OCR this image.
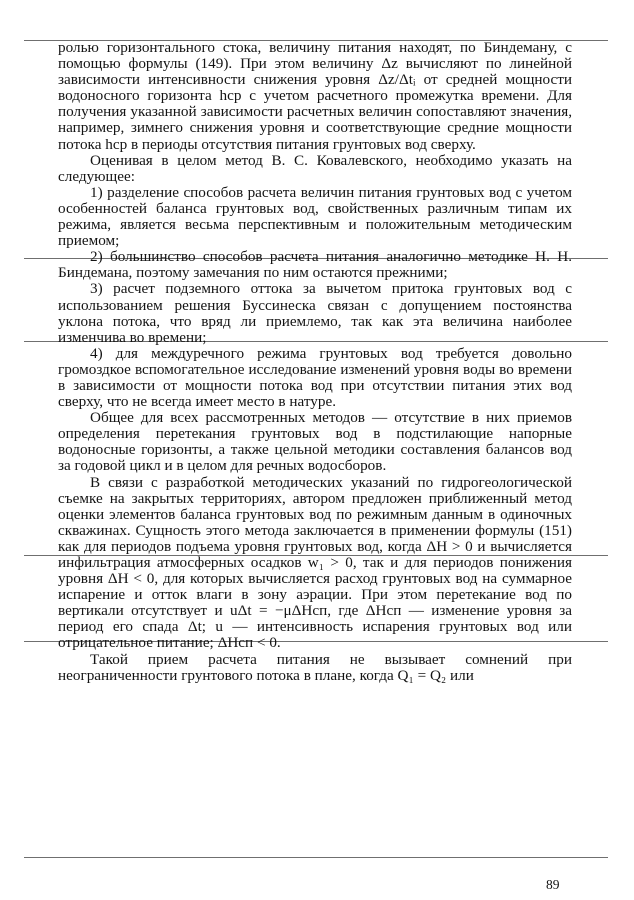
ролью горизонтального стока, величину питания находят, по Биндеману, с помощью формулы (149). При этом величину Δz вычисляют по линейной зависимости интенсивности снижения уровня Δz/Δtᵢ от средней мощности водоносного горизонта hср с учетом расчетного промежутка времени. Для получения указанной зависимости расчетных величин сопоставляют значения, например, зимнего снижения уровня и соответствующие средние мощности потока hср в периоды отсутствия питания грунтовых вод сверху.

Оценивая в целом метод В. С. Ковалевского, необходимо указать на следующее:

1) разделение способов расчета величин питания грунтовых вод с учетом особенностей баланса грунтовых вод, свойственных различным типам их режима, является весьма перспективным и положительным методическим приемом;

2) большинство способов расчета питания аналогично методике Н. Н. Биндемана, поэтому замечания по ним остаются прежними;

3) расчет подземного оттока за вычетом притока грунтовых вод с использованием решения Буссинеска связан с допущением постоянства уклона потока, что вряд ли приемлемо, так как эта величина наиболее изменчива во времени;

4) для междуречного режима грунтовых вод требуется довольно громоздкое вспомогательное исследование изменений уровня воды во времени в зависимости от мощности потока вод при отсутствии питания этих вод сверху, что не всегда имеет место в натуре.

Общее для всех рассмотренных методов — отсутствие в них приемов определения перетекания грунтовых вод в подстилающие напорные водоносные горизонты, а также цельной методики составления балансов вод за годовой цикл и в целом для речных водосборов.

В связи с разработкой методических указаний по гидрогеологической съемке на закрытых территориях, автором предложен приближенный метод оценки элементов баланса грунтовых вод по режимным данным в одиночных скважинах. Сущность этого метода заключается в применении формулы (151) как для периодов подъема уровня грунтовых вод, когда ΔH > 0 и вычисляется инфильтрация атмосферных осадков w₁ > 0, так и для периодов понижения уровня ΔH < 0, для которых вычисляется расход грунтовых вод на суммарное испарение и отток влаги в зону аэрации. При этом перетекание вод по вертикали отсутствует и uΔt = −μΔHсп, где ΔHсп — изменение уровня за период его спада Δt; u — интенсивность испарения грунтовых вод или отрицательное питание; ΔHсп < 0.

Такой прием расчета питания не вызывает сомнений при неограниченности грунтового потока в плане, когда Q₁ = Q₂ или

89
